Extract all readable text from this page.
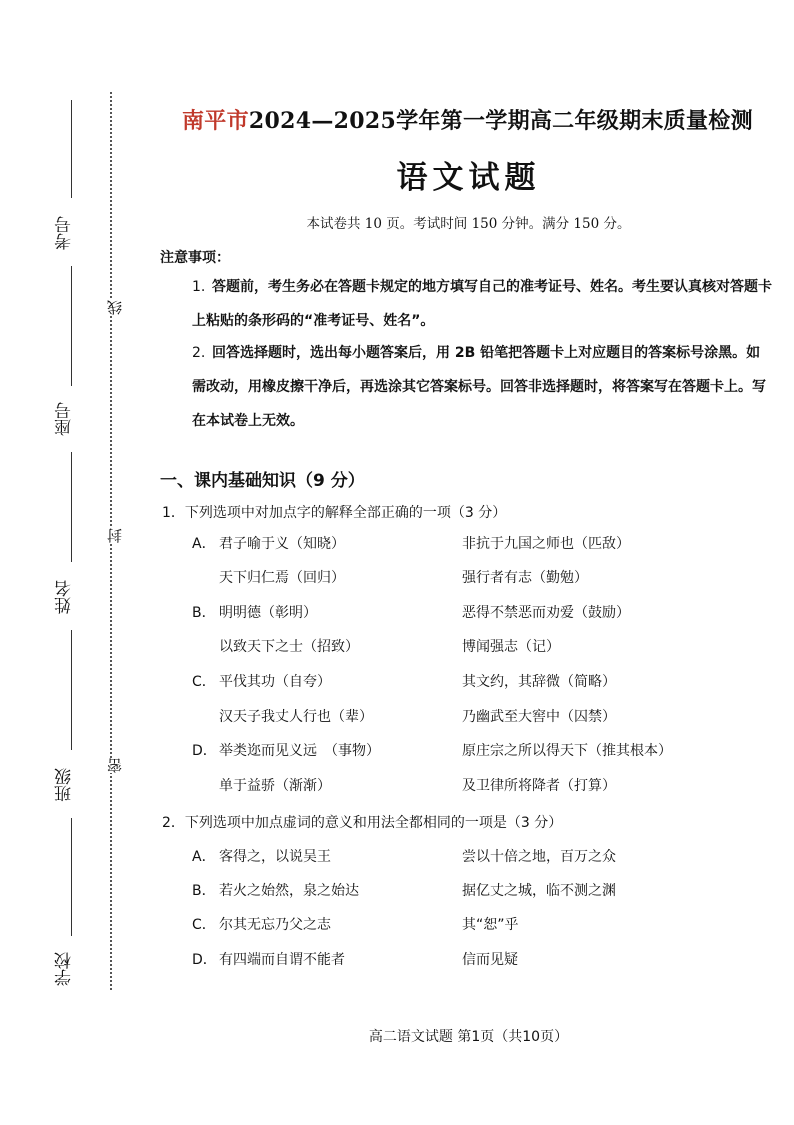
考号
座号
姓名
班级
学校
线
封
密
南平市2024—2025学年第一学期高二年级期末质量检测
语文试题
本试卷共 10 页。考试时间 150 分钟。满分 150 分。
注意事项：
1. 答题前，考生务必在答题卡规定的地方填写自己的准考证号、姓名。考生要认真核对答题卡上粘贴的条形码的“准考证号、姓名”。
2. 回答选择题时，选出每小题答案后，用 2B 铅笔把答题卡上对应题目的答案标号涂黑。如需改动，用橡皮擦干净后，再选涂其它答案标号。回答非选择题时，将答案写在答题卡上。写在本试卷上无效。
一、课内基础知识（9 分）
1．下列选项中对加点字的解释全部正确的一项（3 分）
A． 君子喻于义（知晓）	非抗于九国之师也（匹敌）
天下归仁焉（回归）	强行者有志（勤勉）
B． 明明德（彰明）	恶得不禁恶而劝爱（鼓励）
以致天下之士（招致）	博闻强志（记）
C． 平伐其功（自夸）	其文约，其辞微（简略）
汉天子我丈人行也（辈）	乃幽武至大窖中（囚禁）
D． 举类迩而见义远　（事物）	原庄宗之所以得天下（推其根本）
单于益骄（渐渐）	及卫律所将降者（打算）
2．下列选项中加点虚词的意义和用法全都相同的一项是（3 分）
A． 客得之，以说吴王	尝以十倍之地，百万之众
B． 若火之始然，泉之始达	据亿丈之城，临不测之渊
C． 尔其无忘乃父之志	其“恕”乎
D． 有四端而自谓不能者	信而见疑
高二语文试题 第1页（共10页）
